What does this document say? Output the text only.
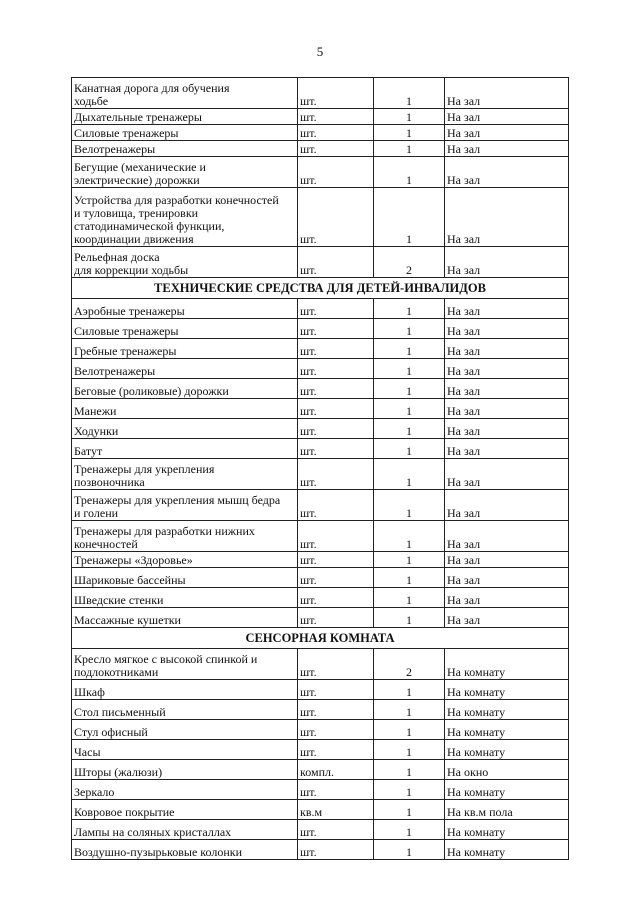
5
Канатная дорога для обучения
ходьбе	шт.	1	На зал
Дыхательные тренажеры	шт.	1	На зал
Силовые тренажеры	шт.	1	На зал
Велотренажеры	шт.	1	На зал
Бегущие (механические и
электрические) дорожки	шт.	1	На зал
Устройства для разработки конечностей
и туловища, тренировки
статодинамической функции,
координации движения	шт.	1	На зал
Рельефная доска
для коррекции ходьбы	шт.	2	На зал
ТЕХНИЧЕСКИЕ СРЕДСТВА ДЛЯ ДЕТЕЙ-ИНВАЛИДОВ			
Аэробные тренажеры	шт.	1	На зал
Силовые тренажеры	шт.	1	На зал
Гребные тренажеры	шт.	1	На зал
Велотренажеры	шт.	1	На зал
Беговые (роликовые) дорожки	шт.	1	На зал
Манежи	шт.	1	На зал
Ходунки	шт.	1	На зал
Батут	шт.	1	На зал
Тренажеры для укрепления
позвоночника	шт.	1	На зал
Тренажеры для укрепления мышц бедра
и голени	шт.	1	На зал
Тренажеры для разработки нижних
конечностей	шт.	1	На зал
Тренажеры «Здоровье»	шт.	1	На зал
Шариковые бассейны	шт.	1	На зал
Шведские стенки	шт.	1	На зал
Массажные кушетки	шт.	1	На зал
СЕНСОРНАЯ КОМНАТА			
Кресло мягкое с высокой спинкой и
подлокотниками	шт.	2	На комнату
Шкаф	шт.	1	На комнату
Стол письменный	шт.	1	На комнату
Стул офисный	шт.	1	На комнату
Часы	шт.	1	На комнату
Шторы (жалюзи)	компл.	1	На окно
Зеркало	шт.	1	На комнату
Ковровое покрытие	кв.м	1	На кв.м пола
Лампы на соляных кристаллах	шт.	1	На комнату
Воздушно-пузырьковые колонки	шт.	1	На комнату
